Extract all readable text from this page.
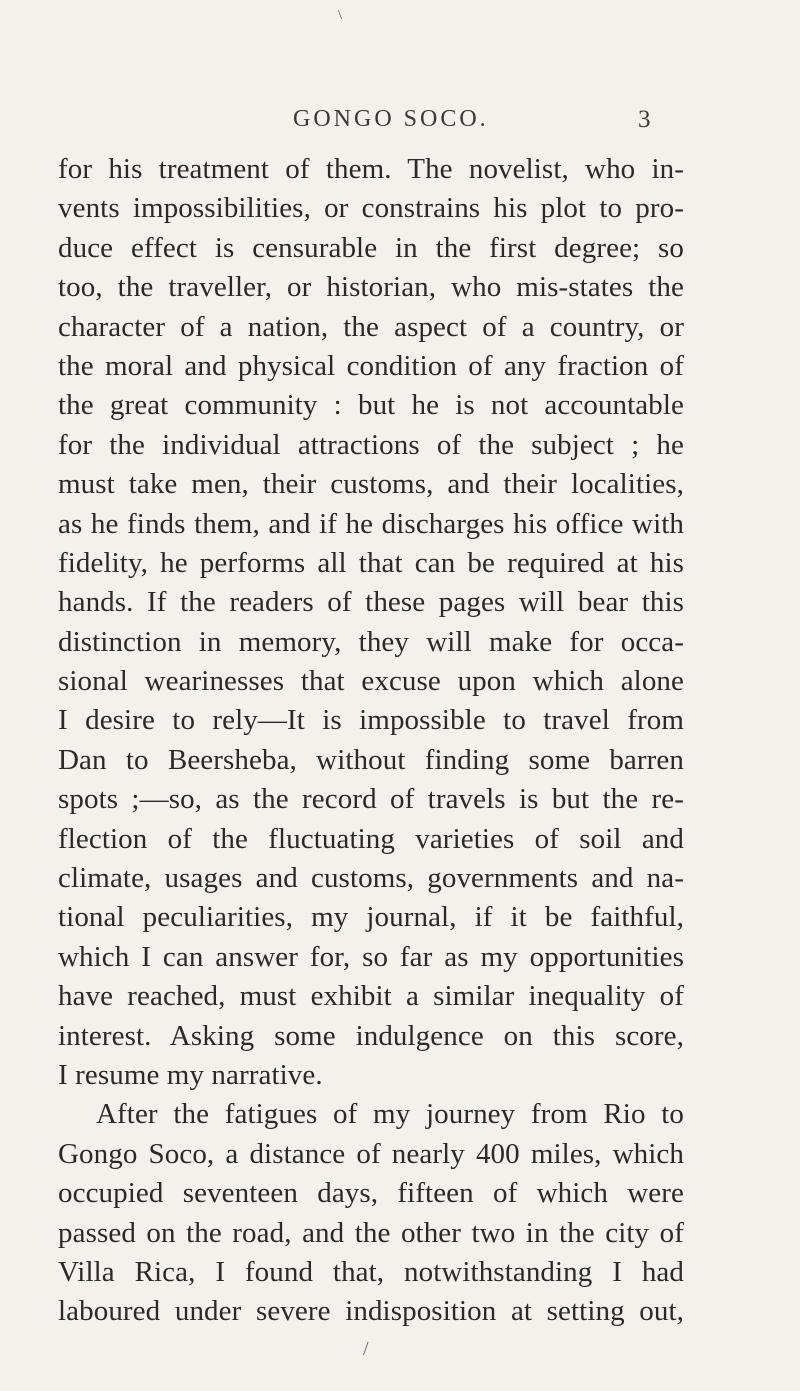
\
GONGO SOCO.	3
for his treatment of them. The novelist, who in-
vents impossibilities, or constrains his plot to pro-
duce effect is censurable in the first degree; so
too, the traveller, or historian, who mis-states the
character of a nation, the aspect of a country, or
the moral and physical condition of any fraction of
the great community : but he is not accountable
for the individual attractions of the subject ; he
must take men, their customs, and their localities,
as he finds them, and if he discharges his office with
fidelity, he performs all that can be required at his
hands. If the readers of these pages will bear this
distinction in memory, they will make for occa-
sional wearinesses that excuse upon which alone
I desire to rely—It is impossible to travel from
Dan to Beersheba, without finding some barren
spots ;—so, as the record of travels is but the re-
flection of the fluctuating varieties of soil and
climate, usages and customs, governments and na-
tional peculiarities, my journal, if it be faithful,
which I can answer for, so far as my opportunities
have reached, must exhibit a similar inequality of
interest. Asking some indulgence on this score,
I resume my narrative.
After the fatigues of my journey from Rio to
Gongo Soco, a distance of nearly 400 miles, which
occupied seventeen days, fifteen of which were
passed on the road, and the other two in the city of
Villa Rica, I found that, notwithstanding I had
laboured under severe indisposition at setting out,
/
